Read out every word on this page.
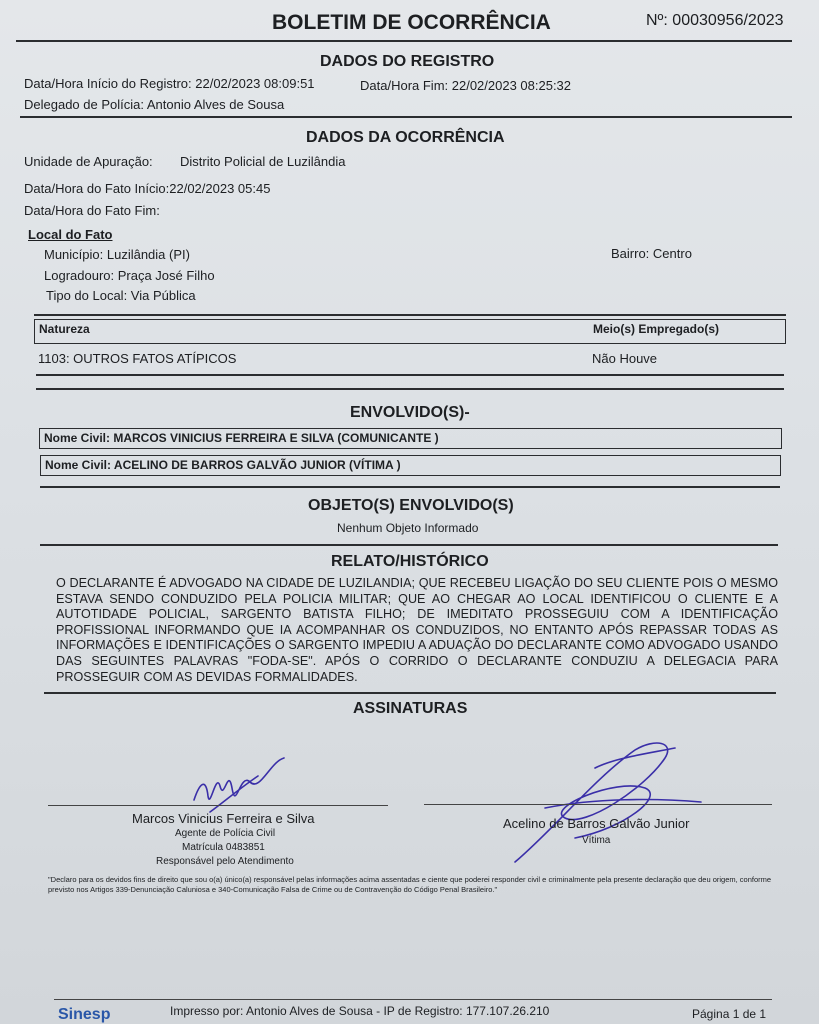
BOLETIM DE OCORRÊNCIA	Nº: 00030956/2023
DADOS DO REGISTRO
Data/Hora Início do Registro: 22/02/2023 08:09:51	Data/Hora Fim: 22/02/2023 08:25:32
Delegado de Polícia: Antonio Alves de Sousa
DADOS DA OCORRÊNCIA
Unidade de Apuração: Distrito Policial de Luzilândia
Data/Hora do Fato Início:22/02/2023 05:45
Data/Hora do Fato Fim:
Local do Fato
Município: Luzilândia (PI)	Bairro: Centro
Logradouro: Praça José Filho
Tipo do Local: Via Pública
Natureza	Meio(s) Empregado(s)
1103: OUTROS FATOS ATÍPICOS	Não Houve
ENVOLVIDO(S)-
Nome Civil: MARCOS VINICIUS FERREIRA E SILVA (COMUNICANTE )
Nome Civil: ACELINO DE BARROS GALVÃO JUNIOR (VÍTIMA )
OBJETO(S) ENVOLVIDO(S)
Nenhum Objeto Informado
RELATO/HISTÓRICO
O DECLARANTE É ADVOGADO NA CIDADE DE LUZILANDIA; QUE RECEBEU LIGAÇÃO DO SEU CLIENTE POIS O MESMO ESTAVA SENDO CONDUZIDO PELA POLICIA MILITAR; QUE AO CHEGAR AO LOCAL IDENTIFICOU O CLIENTE E A AUTOTIDADE POLICIAL, SARGENTO BATISTA FILHO; DE IMEDITATO PROSSEGUIU COM A IDENTIFICAÇÃO PROFISSIONAL INFORMANDO QUE IA ACOMPANHAR OS CONDUZIDOS, NO ENTANTO APÓS REPASSAR TODAS AS INFORMAÇÕES E IDENTIFICAÇÕES O SARGENTO IMPEDIU A ADUAÇÃO DO DECLARANTE COMO ADVOGADO USANDO DAS SEGUINTES PALAVRAS "FODA-SE". APÓS O CORRIDO O DECLARANTE CONDUZIU A DELEGACIA PARA PROSSEGUIR COM AS DEVIDAS FORMALIDADES.
ASSINATURAS
Marcos Vinicius Ferreira e Silva
Agente de Polícia Civil
Matrícula 0483851
Responsável pelo Atendimento
Acelino de Barros Galvão Junior
Vítima
"Declaro para os devidos fins de direito que sou o(a) único(a) responsável pelas informações acima assentadas e ciente que poderei responder civil e criminalmente pela presente declaração que deu origem, conforme previsto nos Artigos 339-Denunciação Caluniosa e 340-Comunicação Falsa de Crime ou de Contravenção do Código Penal Brasileiro."
Sinesp	Impresso por: Antonio Alves de Sousa - IP de Registro: 177.107.26.210	Página 1 de 1
